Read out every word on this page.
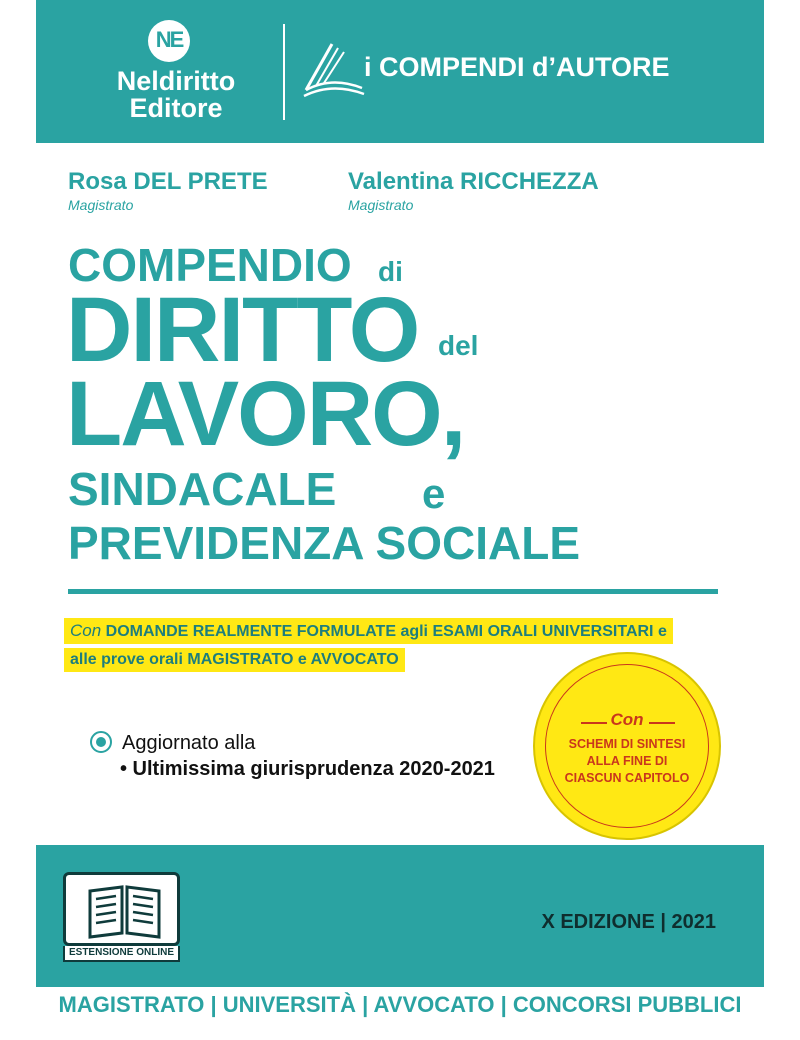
NE
Neldiritto
Editore
i COMPENDI d’AUTORE
Rosa DEL PRETE
Magistrato
Valentina RICCHEZZA
Magistrato
COMPENDIO di
DIRITTO del
LAVORO,
SINDACALE e
PREVIDENZA SOCIALE
Con DOMANDE REALMENTE FORMULATE agli ESAMI ORALI UNIVERSITARI e
alle prove orali MAGISTRATO e AVVOCATO
Aggiornato alla
• Ultimissima giurisprudenza 2020-2021
Con
SCHEMI DI SINTESI
ALLA FINE DI
CIASCUN CAPITOLO
ESTENSIONE ONLINE
X EDIZIONE | 2021
MAGISTRATO | UNIVERSITÀ | AVVOCATO | CONCORSI PUBBLICI
